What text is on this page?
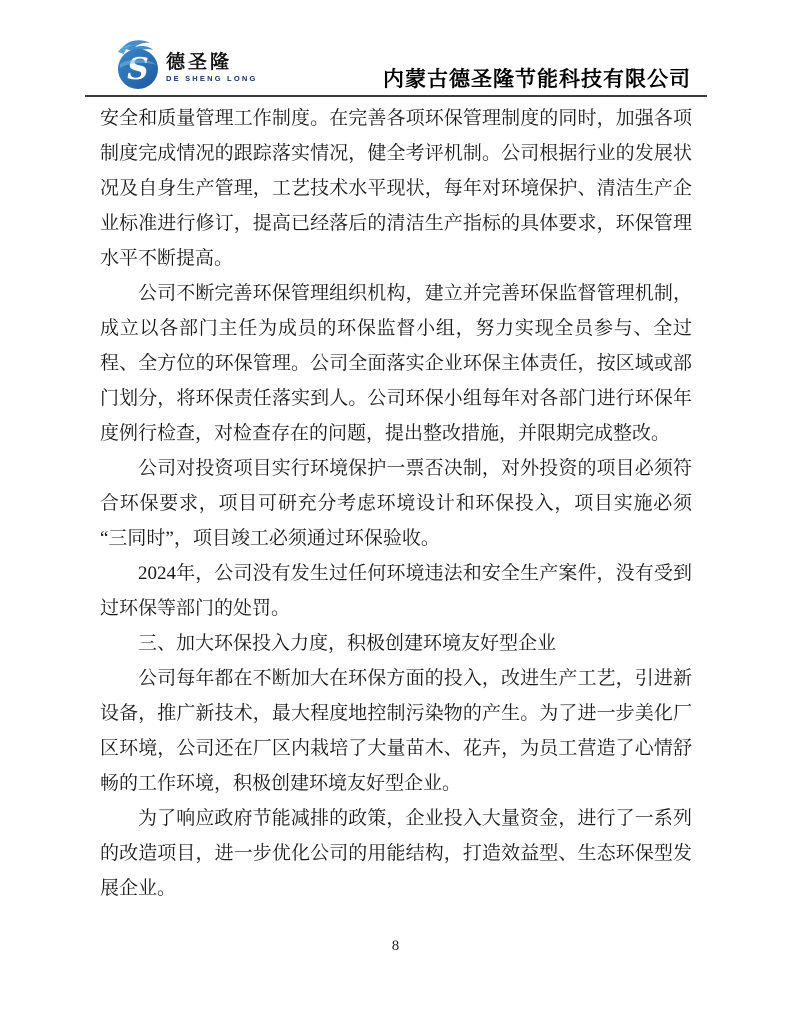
S 德圣隆
DE SHENG LONG	内蒙古德圣隆节能科技有限公司

安全和质量管理工作制度。在完善各项环保管理制度的同时，加强各项制度完成情况的跟踪落实情况，健全考评机制。公司根据行业的发展状况及自身生产管理，工艺技术水平现状，每年对环境保护、清洁生产企业标准进行修订，提高已经落后的清洁生产指标的具体要求，环保管理水平不断提高。

公司不断完善环保管理组织机构，建立并完善环保监督管理机制，成立以各部门主任为成员的环保监督小组，努力实现全员参与、全过程、全方位的环保管理。公司全面落实企业环保主体责任，按区域或部门划分，将环保责任落实到人。公司环保小组每年对各部门进行环保年度例行检查，对检查存在的问题，提出整改措施，并限期完成整改。

公司对投资项目实行环境保护一票否决制，对外投资的项目必须符合环保要求，项目可研充分考虑环境设计和环保投入，项目实施必须“三同时”，项目竣工必须通过环保验收。

2024年，公司没有发生过任何环境违法和安全生产案件，没有受到过环保等部门的处罚。

三、加大环保投入力度，积极创建环境友好型企业

公司每年都在不断加大在环保方面的投入，改进生产工艺，引进新设备，推广新技术，最大程度地控制污染物的产生。为了进一步美化厂区环境，公司还在厂区内栽培了大量苗木、花卉，为员工营造了心情舒畅的工作环境，积极创建环境友好型企业。

为了响应政府节能减排的政策，企业投入大量资金，进行了一系列的改造项目，进一步优化公司的用能结构，打造效益型、生态环保型发展企业。

8
